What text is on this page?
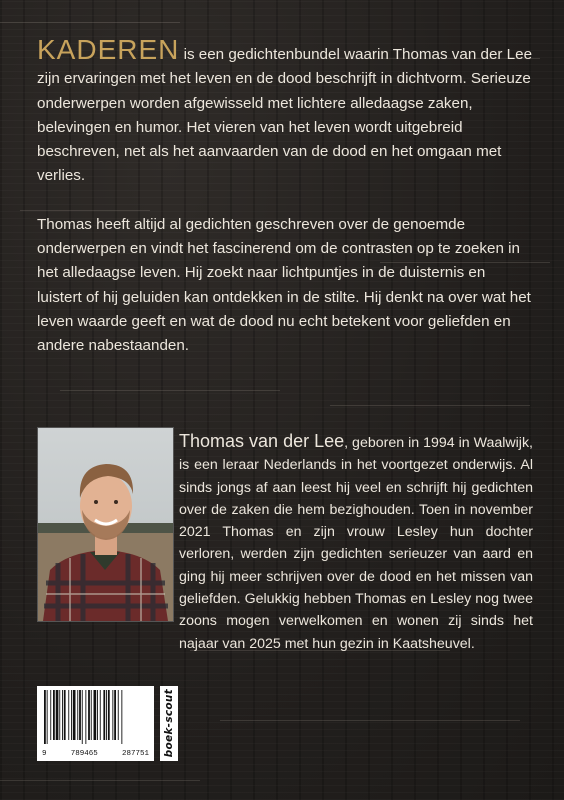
KADEREN is een gedichtenbundel waarin Thomas van der Lee zijn ervaringen met het leven en de dood beschrijft in dichtvorm. Serieuze onderwerpen worden afgewisseld met lichtere alledaagse zaken, belevingen en humor. Het vieren van het leven wordt uitgebreid beschreven, net als het aanvaarden van de dood en het omgaan met verlies.

Thomas heeft altijd al gedichten geschreven over de genoemde onderwerpen en vindt het fascinerend om de contrasten op te zoeken in het alledaagse leven. Hij zoekt naar lichtpuntjes in de duisternis en luistert of hij geluiden kan ontdekken in de stilte. Hij denkt na over wat het leven waarde geeft en wat de dood nu echt betekent voor geliefden en andere nabestaanden.

Thomas van der Lee, geboren in 1994 in Waalwijk, is een leraar Nederlands in het voortgezet onderwijs. Al sinds jongs af aan leest hij veel en schrijft hij gedichten over de zaken die hem bezighouden. Toen in november 2021 Thomas en zijn vrouw Lesley hun dochter verloren, werden zijn gedichten serieuzer van aard en ging hij meer schrijven over de dood en het missen van geliefden. Gelukkig hebben Thomas en Lesley nog twee zoons mogen verwelkomen en wonen zij sinds het najaar van 2025 met hun gezin in Kaatsheuvel.
9	789465	287751 boek-scout
